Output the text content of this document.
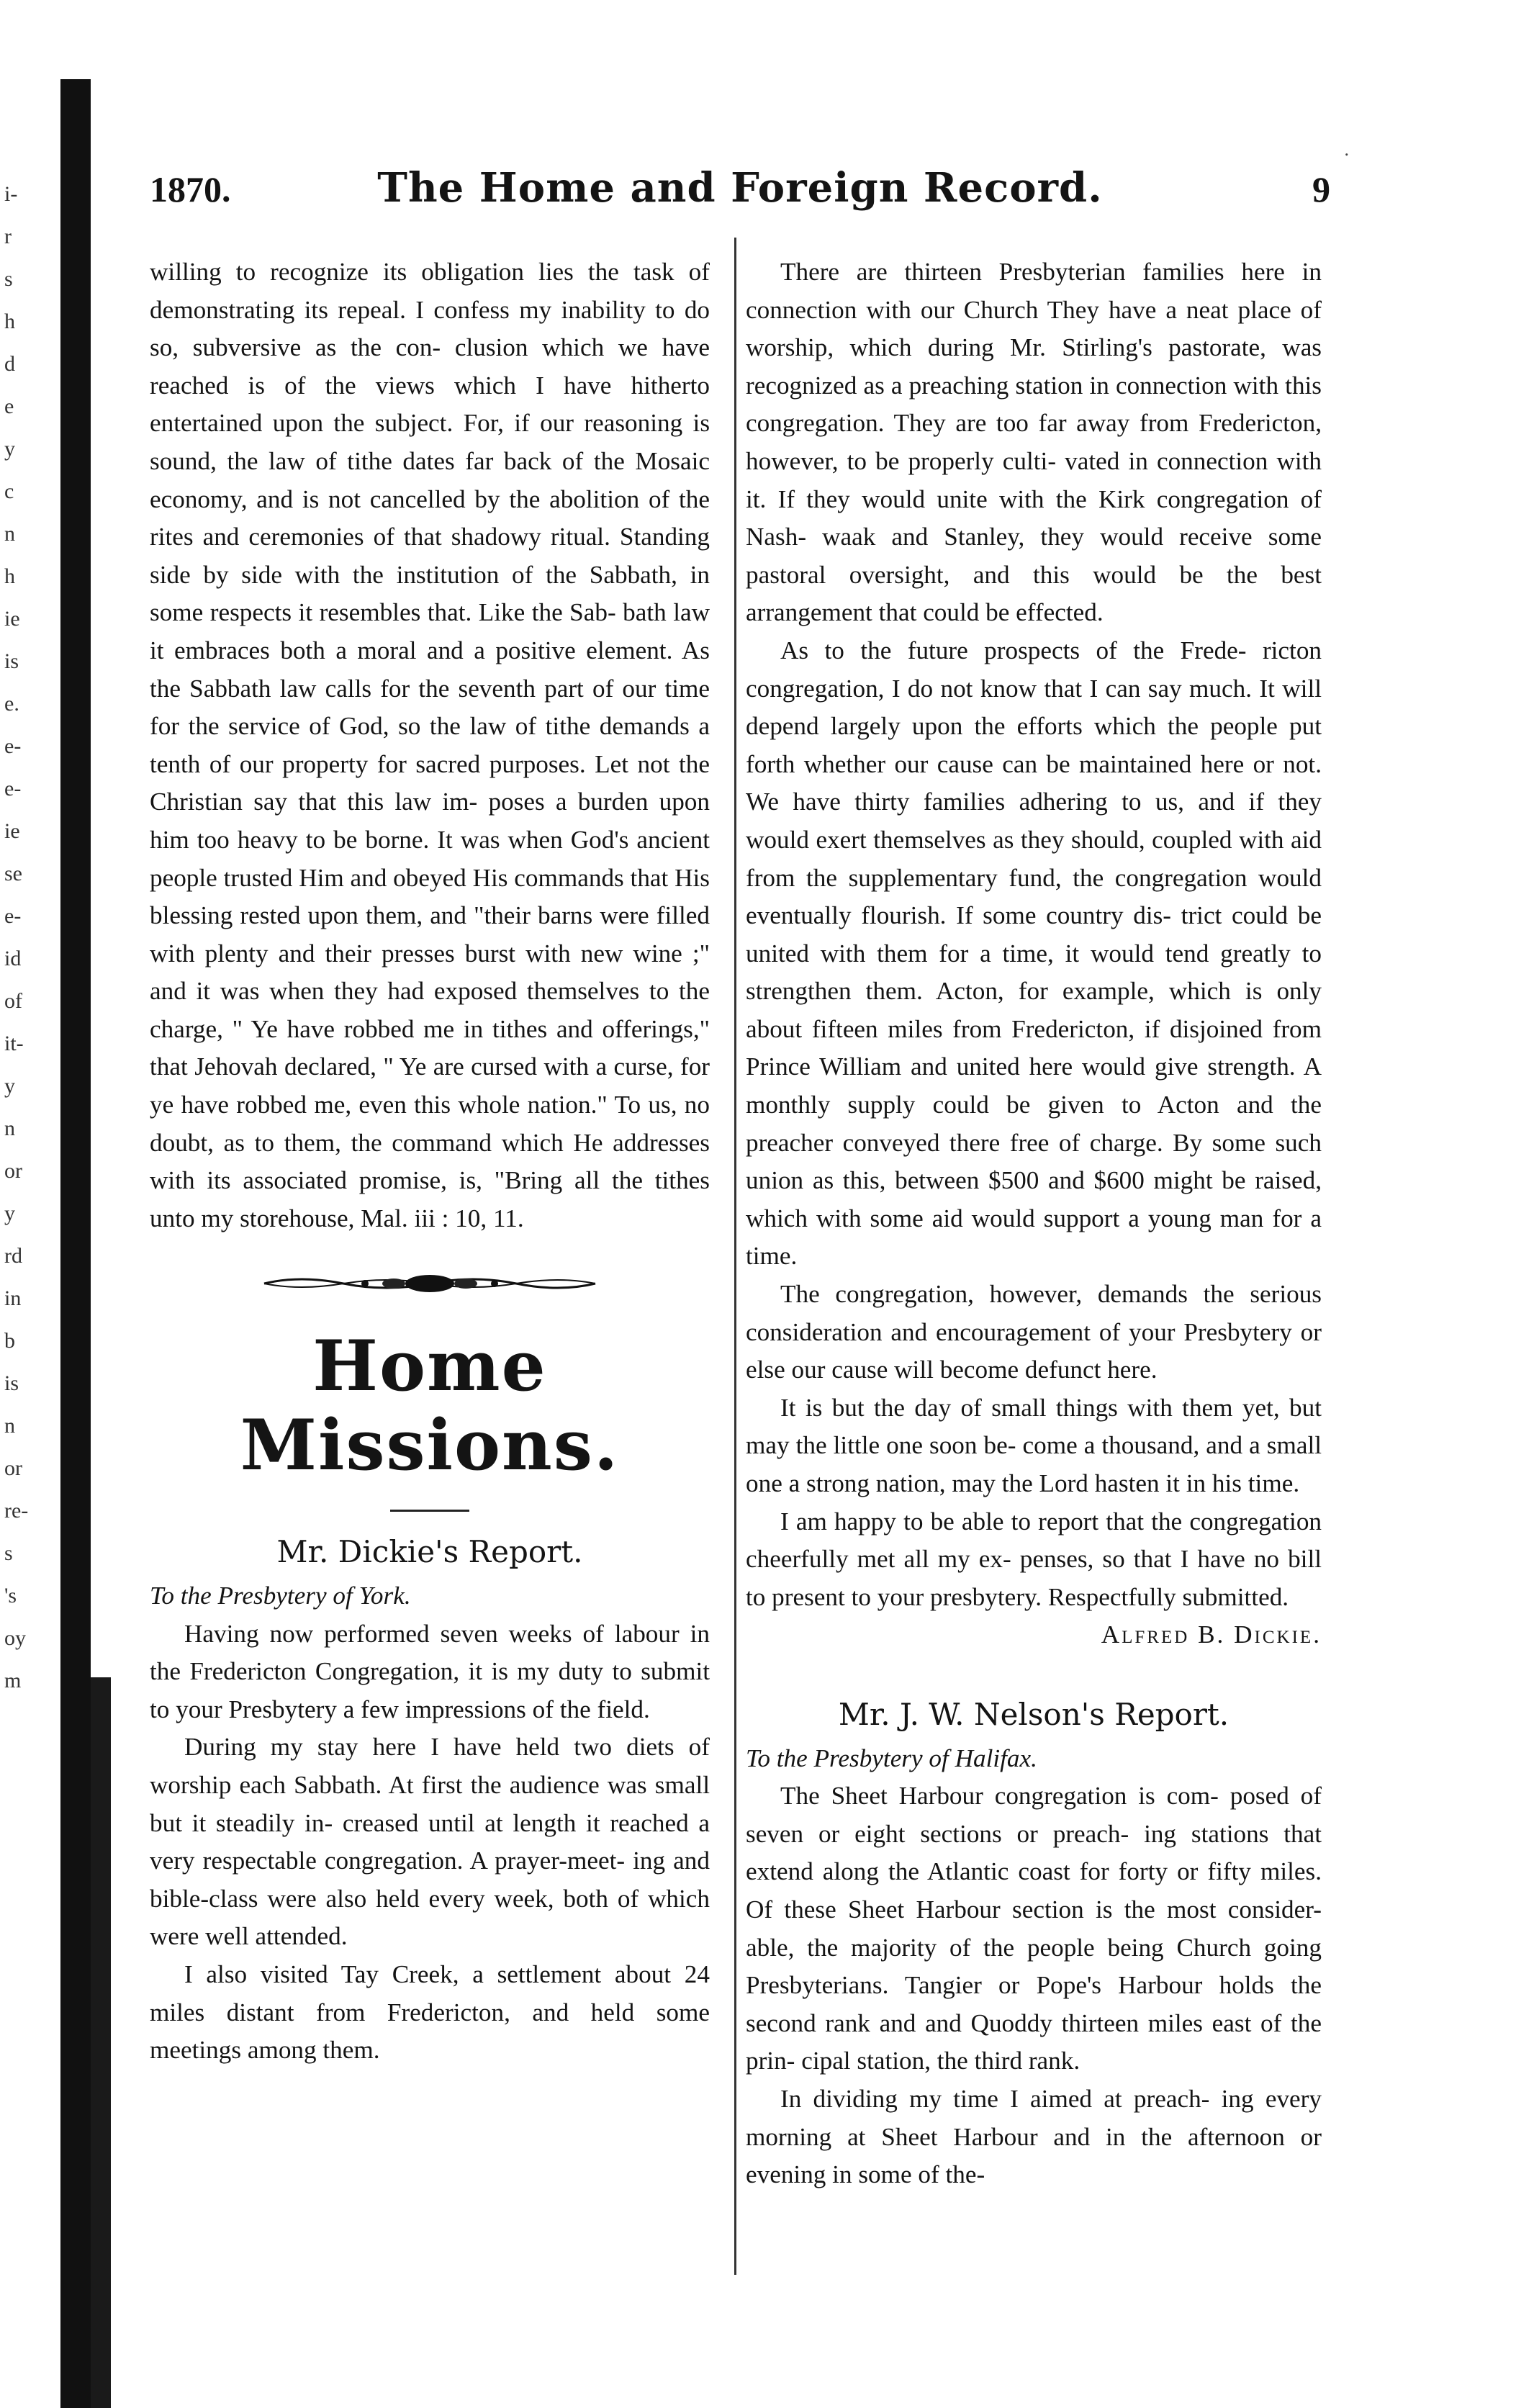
i-
r
s
h
d
e
y
c
n
h
ie
is
e.
e-
e-
ie
se
e-
id
of
it-
y
n
or
y
rd
in
b
is
n
or
re-
s
's
oy
m
1870.	The Home and Foreign Record.	9
.

willing to recognize its obligation lies the task of demonstrating its repeal. I confess my inability to do so, subversive as the con- clusion which we have reached is of the views which I have hitherto entertained upon the subject. For, if our reasoning is sound, the law of tithe dates far back of the Mosaic economy, and is not cancelled by the abolition of the rites and ceremonies of that shadowy ritual. Standing side by side with the institution of the Sabbath, in some respects it resembles that. Like the Sab- bath law it embraces both a moral and a positive element. As the Sabbath law calls for the seventh part of our time for the service of God, so the law of tithe demands a tenth of our property for sacred purposes. Let not the Christian say that this law im- poses a burden upon him too heavy to be borne. It was when God's ancient people trusted Him and obeyed His commands that His blessing rested upon them, and "their barns were filled with plenty and their presses burst with new wine ;" and it was when they had exposed themselves to the charge, " Ye have robbed me in tithes and offerings," that Jehovah declared, " Ye are cursed with a curse, for ye have robbed me, even this whole nation." To us, no doubt, as to them, the command which He addresses with its associated promise, is, "Bring all the tithes unto my storehouse, Mal. iii : 10, 11.

Home Missions.
Mr. Dickie's Report.

To the Presbytery of York.

Having now performed seven weeks of labour in the Fredericton Congregation, it is my duty to submit to your Presbytery a few impressions of the field.

During my stay here I have held two diets of worship each Sabbath. At first the audience was small but it steadily in- creased until at length it reached a very respectable congregation. A prayer-meet- ing and bible-class were also held every week, both of which were well attended.

I also visited Tay Creek, a settlement about 24 miles distant from Fredericton, and held some meetings among them.

There are thirteen Presbyterian families here in connection with our Church They have a neat place of worship, which during Mr. Stirling's pastorate, was recognized as a preaching station in connection with this congregation. They are too far away from Fredericton, however, to be properly culti- vated in connection with it. If they would unite with the Kirk congregation of Nash- waak and Stanley, they would receive some pastoral oversight, and this would be the best arrangement that could be effected.

As to the future prospects of the Frede- ricton congregation, I do not know that I can say much. It will depend largely upon the efforts which the people put forth whether our cause can be maintained here or not. We have thirty families adhering to us, and if they would exert themselves as they should, coupled with aid from the supplementary fund, the congregation would eventually flourish. If some country dis- trict could be united with them for a time, it would tend greatly to strengthen them. Acton, for example, which is only about fifteen miles from Fredericton, if disjoined from Prince William and united here would give strength. A monthly supply could be given to Acton and the preacher conveyed there free of charge. By some such union as this, between $500 and $600 might be raised, which with some aid would support a young man for a time.

The congregation, however, demands the serious consideration and encouragement of your Presbytery or else our cause will become defunct here.

It is but the day of small things with them yet, but may the little one soon be- come a thousand, and a small one a strong nation, may the Lord hasten it in his time.

I am happy to be able to report that the congregation cheerfully met all my ex- penses, so that I have no bill to present to your presbytery. Respectfully submitted.

Alfred B. Dickie.

Mr. J. W. Nelson's Report.

To the Presbytery of Halifax.

The Sheet Harbour congregation is com- posed of seven or eight sections or preach- ing stations that extend along the Atlantic coast for forty or fifty miles. Of these Sheet Harbour section is the most consider- able, the majority of the people being Church going Presbyterians. Tangier or Pope's Harbour holds the second rank and and Quoddy thirteen miles east of the prin- cipal station, the third rank.

In dividing my time I aimed at preach- ing every morning at Sheet Harbour and in the afternoon or evening in some of the-
